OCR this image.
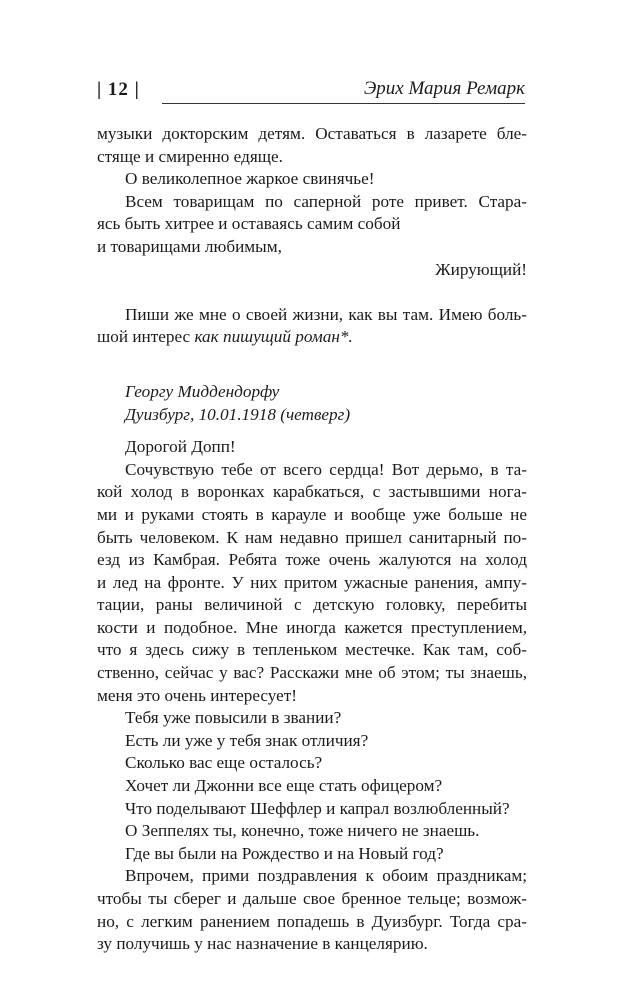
| 12 |	Эрих Мария Ремарк

музыки докторским детям. Оставаться в лазарете бле-

стяще и смиренно едяще.

О великолепное жаркое свинячье!

Всем товарищам по саперной роте привет. Стара-

ясь быть хитрее и оставаясь самим собой

и товарищами любимым,

Жирующий!

Пиши же мне о своей жизни, как вы там. Имею боль-

шой интерес как пишущий роман*.

Георгу Миддендорфу

Дуизбург, 10.01.1918 (четверг)

Дорогой Допп!

Сочувствую тебе от всего сердца! Вот дерьмо, в та-

кой холод в воронках карабкаться, с застывшими нога-

ми и руками стоять в карауле и вообще уже больше не

быть человеком. К нам недавно пришел санитарный по-

езд из Камбрая. Ребята тоже очень жалуются на холод

и лед на фронте. У них притом ужасные ранения, ампу-

тации, раны величиной с детскую головку, перебиты

кости и подобное. Мне иногда кажется преступлением,

что я здесь сижу в тепленьком местечке. Как там, соб-

ственно, сейчас у вас? Расскажи мне об этом; ты знаешь,

меня это очень интересует!

Тебя уже повысили в звании?

Есть ли уже у тебя знак отличия?

Сколько вас еще осталось?

Хочет ли Джонни все еще стать офицером?

Что поделывают Шеффлер и капрал возлюбленный?

О Зеппелях ты, конечно, тоже ничего не знаешь.

Где вы были на Рождество и на Новый год?

Впрочем, прими поздравления к обоим праздникам;

чтобы ты сберег и дальше свое бренное тельце; возмож-

но, с легким ранением попадешь в Дуизбург. Тогда сра-

зу получишь у нас назначение в канцелярию.
